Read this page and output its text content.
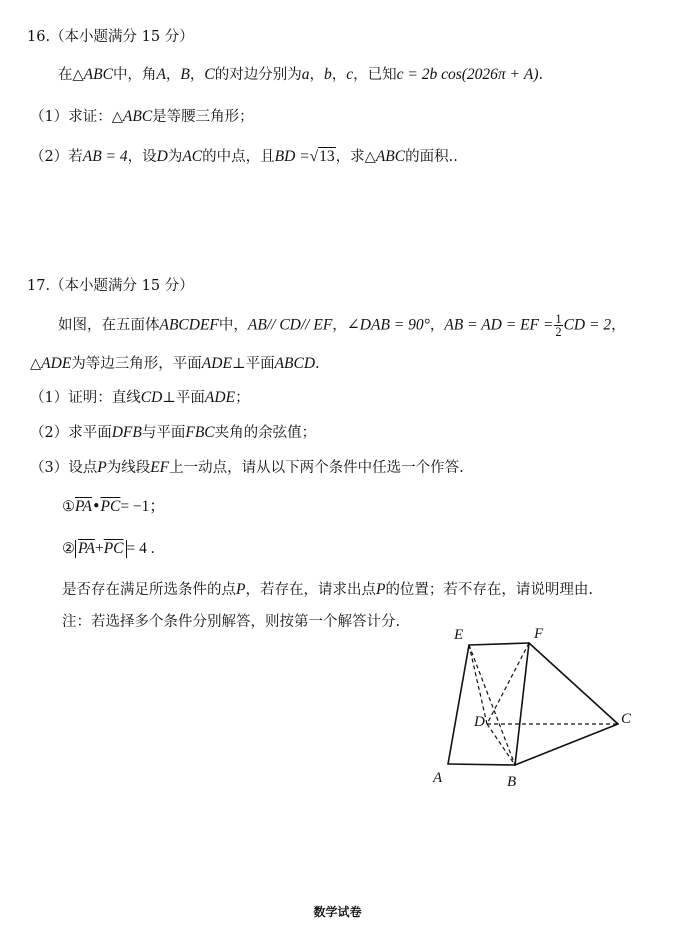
16.（本小题满分 15 分）
在△ABC中，角A，B，C的对边分别为a，b，c，已知c = 2b cos(2026π + A).
（1）求证：△ABC是等腰三角形；
（2）若AB = 4，设D为AC的中点，且BD =√13，求△ABC的面积..
17.（本小题满分 15 分）
如图，在五面体ABCDEF中，AB// CD// EF，∠DAB = 90°，AB = AD = EF = $\frac{1}{2}$ CD = 2，
△ADE为等边三角形，平面ADE⊥平面ABCD.
（1）证明：直线CD⊥平面ADE；
（2）求平面DFB与平面FBC夹角的余弦值；
（3）设点P为线段EF上一动点，请从以下两个条件中任选一个作答.
$①\overline{PA}•\overline{PC}= -1$；
② $\overline{PA}+\overline{PC} = 4$ .
是否存在满足所选条件的点P，若存在，请求出点P的位置；若不存在，请说明理由.
注：若选择多个条件分别解答，则按第一个解答计分.
E	F
D	C
A	B
数学试卷
